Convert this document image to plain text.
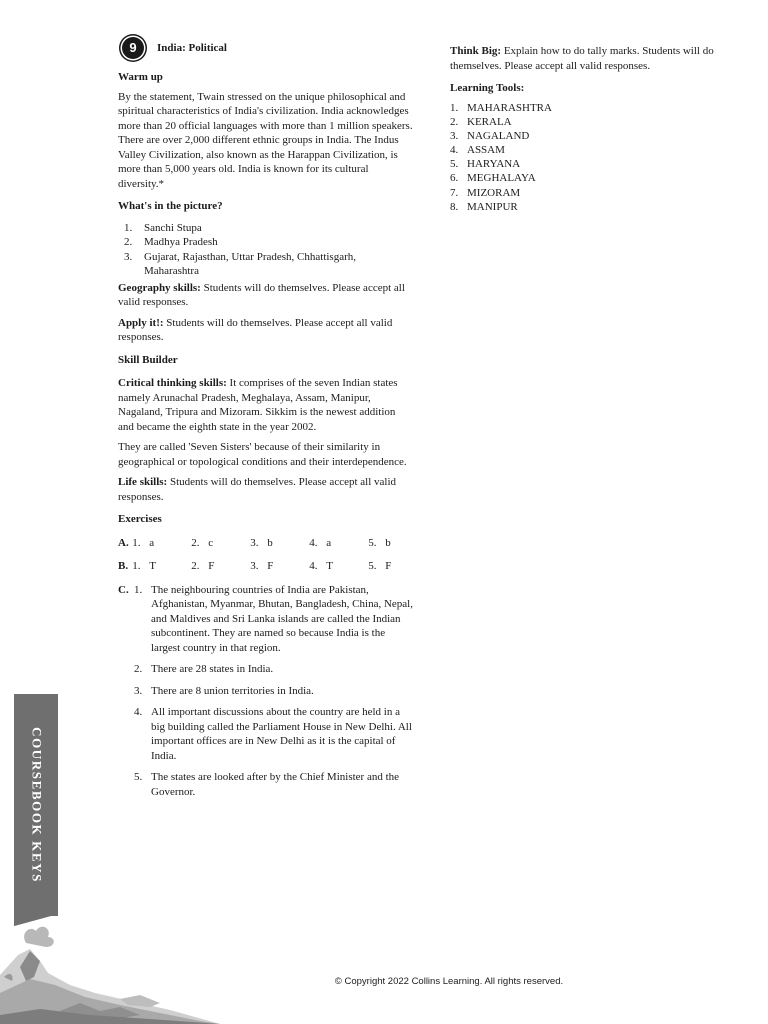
9	India: Political
Warm up

By the statement, Twain stressed on the unique philosophical and spiritual characteristics of India's civilization. India acknowledges more than 20 official languages with more than 1 million speakers. There are over 2,000 different ethnic groups in India. The Indus Valley Civilization, also known as the Harappan Civilization, is more than 5,000 years old. India is known for its cultural diversity.*

What's in the picture?
1.	Sanchi Stupa
2.	Madhya Pradesh
3.	Gujarat, Rajasthan, Uttar Pradesh, Chhattisgarh, Maharashtra

Geography skills: Students will do themselves. Please accept all valid responses.

Apply it!: Students will do themselves. Please accept all valid responses.

Skill Builder

Critical thinking skills: It comprises of the seven Indian states namely Arunachal Pradesh, Meghalaya, Assam, Manipur, Nagaland, Tripura and Mizoram. Sikkim is the newest addition and became the eighth state in the year 2002.

They are called 'Seven Sisters' because of their similarity in geographical or topological conditions and their interdependence.

Life skills: Students will do themselves. Please accept all valid responses.

Exercises
A. 1. a	2. c	3. b	4. a	5. b
B. 1. T	2. F	3. F	4. T	5. F
C. 1. The neighbouring countries of India are Pakistan, Afghanistan, Myanmar, Bhutan, Bangladesh, China, Nepal, and Maldives and Sri Lanka islands are called the Indian subcontinent. They are named so because India is the largest country in that region.
2. There are 28 states in India.
3. There are 8 union territories in India.
4. All important discussions about the country are held in a big building called the Parliament House in New Delhi. All important offices are in New Delhi as it is the capital of India.
5. The states are looked after by the Chief Minister and the Governor.

Think Big: Explain how to do tally marks. Students will do themselves. Please accept all valid responses.

Learning Tools:
1. MAHARASHTRA
2. KERALA
3. NAGALAND
4. ASSAM
5. HARYANA
6. MEGHALAYA
7. MIZORAM
8. MANIPUR
COURSEBOOK KEYS
© Copyright 2022 Collins Learning. All rights reserved.
